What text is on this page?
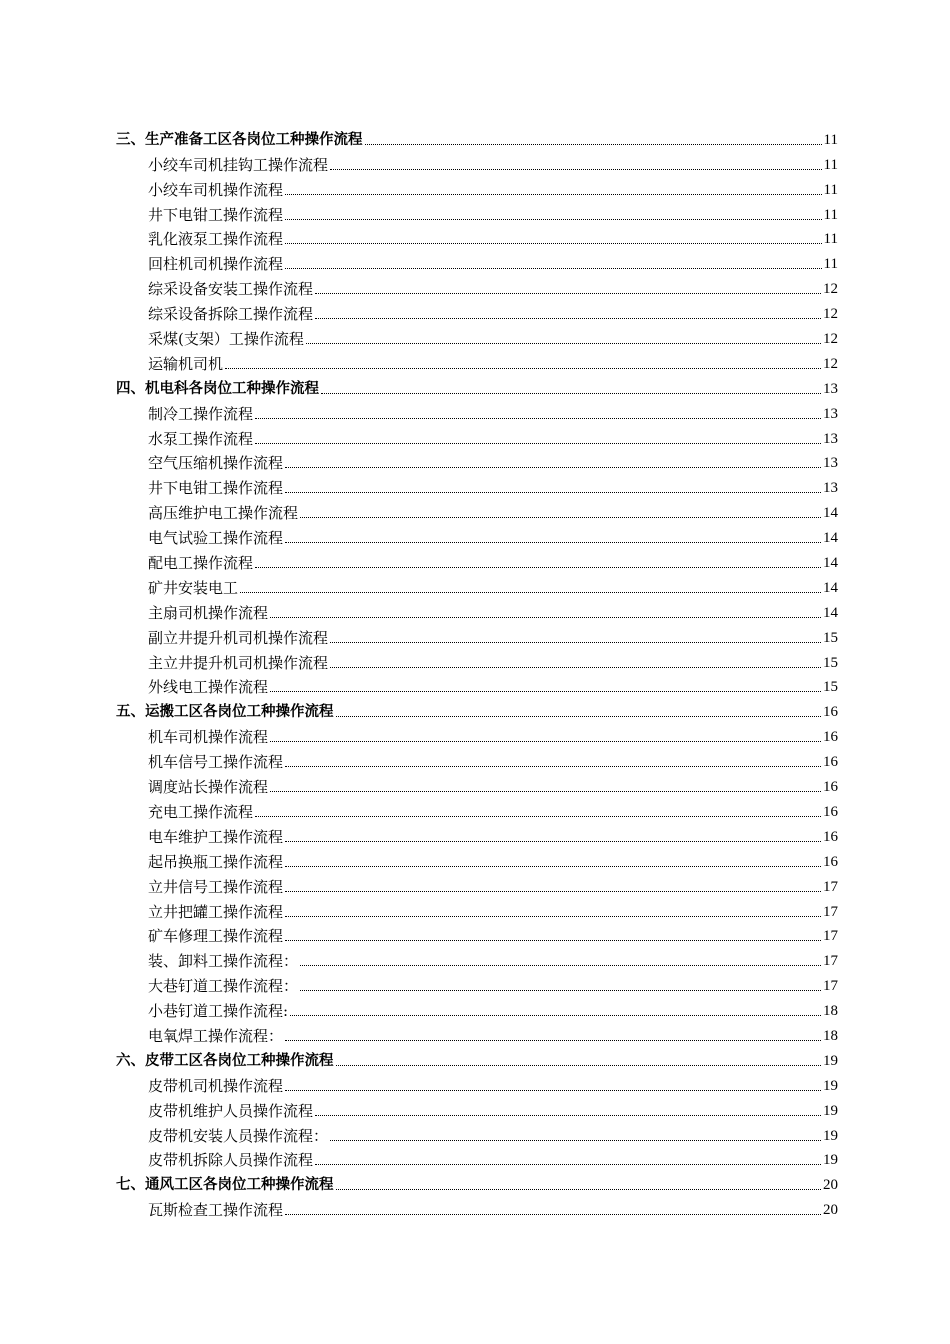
三、生产准备工区各岗位工种操作流程	11
小绞车司机挂钩工操作流程	11
小绞车司机操作流程	11
井下电钳工操作流程	11
乳化液泵工操作流程	11
回柱机司机操作流程	11
综采设备安装工操作流程	12
综采设备拆除工操作流程	12
采煤(支架）工操作流程	12
运输机司机	12
四、机电科各岗位工种操作流程	13
制冷工操作流程	13
水泵工操作流程	13
空气压缩机操作流程	13
井下电钳工操作流程	13
高压维护电工操作流程	14
电气试验工操作流程	14
配电工操作流程	14
矿井安装电工	14
主扇司机操作流程	14
副立井提升机司机操作流程	15
主立井提升机司机操作流程	15
外线电工操作流程	15
五、运搬工区各岗位工种操作流程	16
机车司机操作流程	16
机车信号工操作流程	16
调度站长操作流程	16
充电工操作流程	16
电车维护工操作流程	16
起吊换瓶工操作流程	16
立井信号工操作流程	17
立井把罐工操作流程	17
矿车修理工操作流程	17
装、卸料工操作流程：	17
大巷钉道工操作流程：	17
小巷钉道工操作流程:	18
电氧焊工操作流程：	18
六、皮带工区各岗位工种操作流程	19
皮带机司机操作流程	19
皮带机维护人员操作流程	19
皮带机安装人员操作流程：	19
皮带机拆除人员操作流程	19
七、通风工区各岗位工种操作流程	20
瓦斯检查工操作流程	20
